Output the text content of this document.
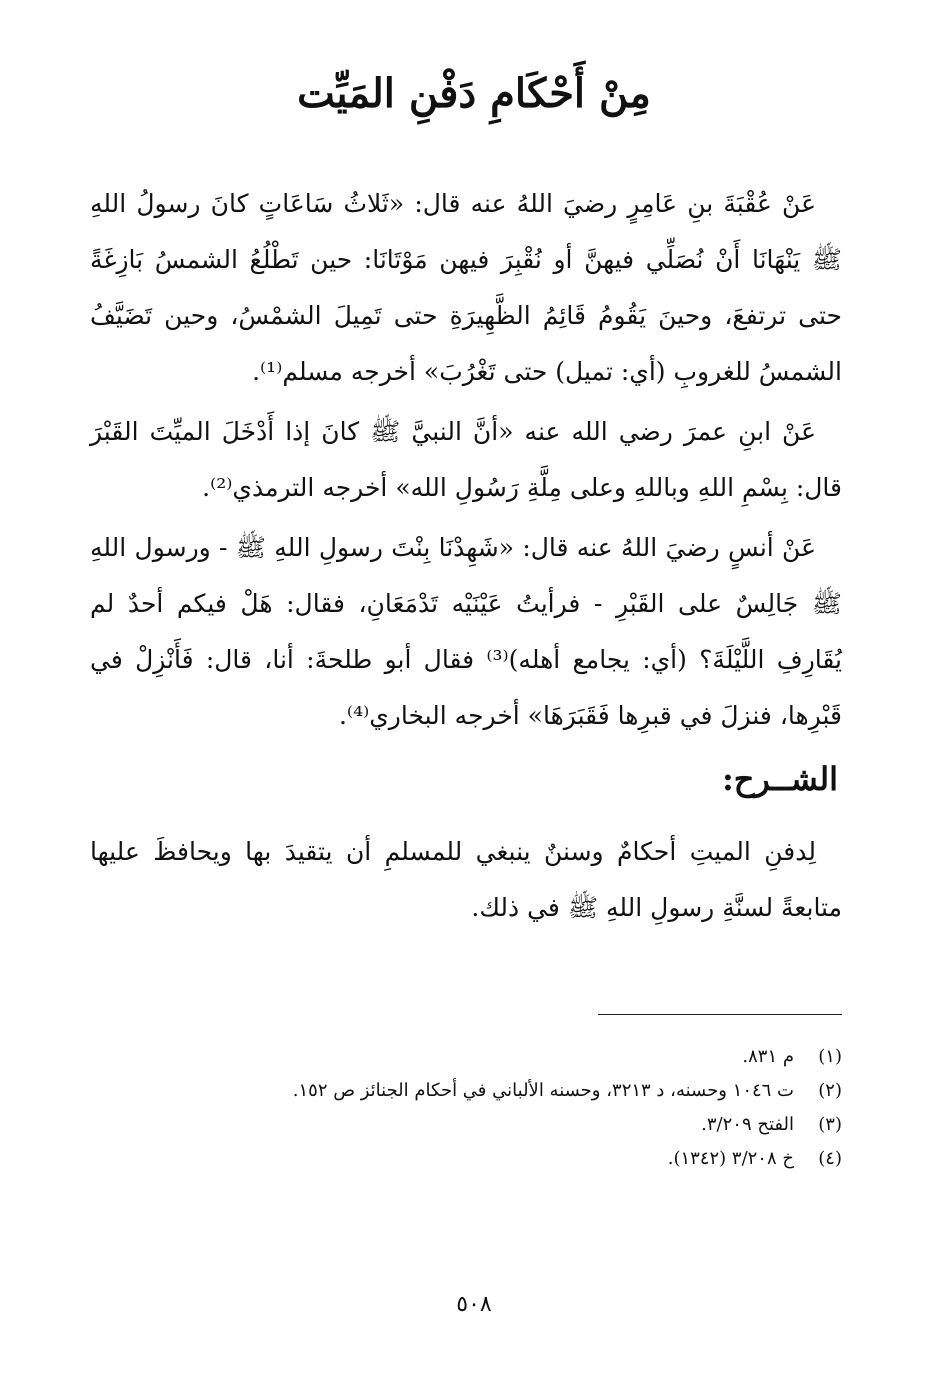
مِنْ أَحْكَامِ دَفْنِ المَيِّت
عَنْ عُقْبَةَ بنِ عَامِرٍ رضيَ اللهُ عنه قال: «ثَلاثُ سَاعَاتٍ كانَ رسولُ اللهِ ﷺ يَنْهَانَا أَنْ نُصَلِّي فيهنَّ أو نُقْبِرَ فيهن مَوْتَانَا: حين تَطْلُعُ الشمسُ بَازِغَةً حتى ترتفعَ، وحينَ يَقُومُ قَائِمُ الظَّهِيرَةِ حتى تَمِيلَ الشمْسُ، وحين تَضَيَّفُ الشمسُ للغروبِ (أي: تميل) حتى تَغْرُبَ» أخرجه مسلم⁽¹⁾.
عَنْ ابنِ عمرَ رضي الله عنه «أنَّ النبيَّ ﷺ كانَ إذا أَدْخَلَ الميِّتَ القَبْرَ قال: بِسْمِ اللهِ وباللهِ وعلى مِلَّةِ رَسُولِ الله» أخرجه الترمذي⁽²⁾.
عَنْ أنسٍ رضيَ اللهُ عنه قال: «شَهِدْنَا بِنْتَ رسولِ اللهِ ﷺ - ورسول اللهِ ﷺ جَالِسٌ على القَبْرِ - فرأيتُ عَيْنَيْه تَدْمَعَانِ، فقال: هَلْ فيكم أحدٌ لم يُقَارِفِ اللَّيْلَةَ؟ (أي: يجامع أهله)⁽³⁾ فقال أبو طلحةَ: أنا، قال: فَأَنْزِلْ في قَبْرِها، فنزلَ في قبرِها فَقَبَرَهَا» أخرجه البخاري⁽⁴⁾.
الشــرح:
لِدفنِ الميتِ أحكامٌ وسننٌ ينبغي للمسلمِ أن يتقيدَ بها ويحافظَ عليها متابعةً لسنَّةِ رسولِ اللهِ ﷺ في ذلك.
(١)م ٨٣١.
(٢)ت ١٠٤٦ وحسنه، د ٣٢١٣، وحسنه الألباني في أحكام الجنائز ص ١٥٢.
(٣)الفتح ٣/٢٠٩.
(٤)خ ٣/٢٠٨ (١٣٤٢).
٥٠٨
